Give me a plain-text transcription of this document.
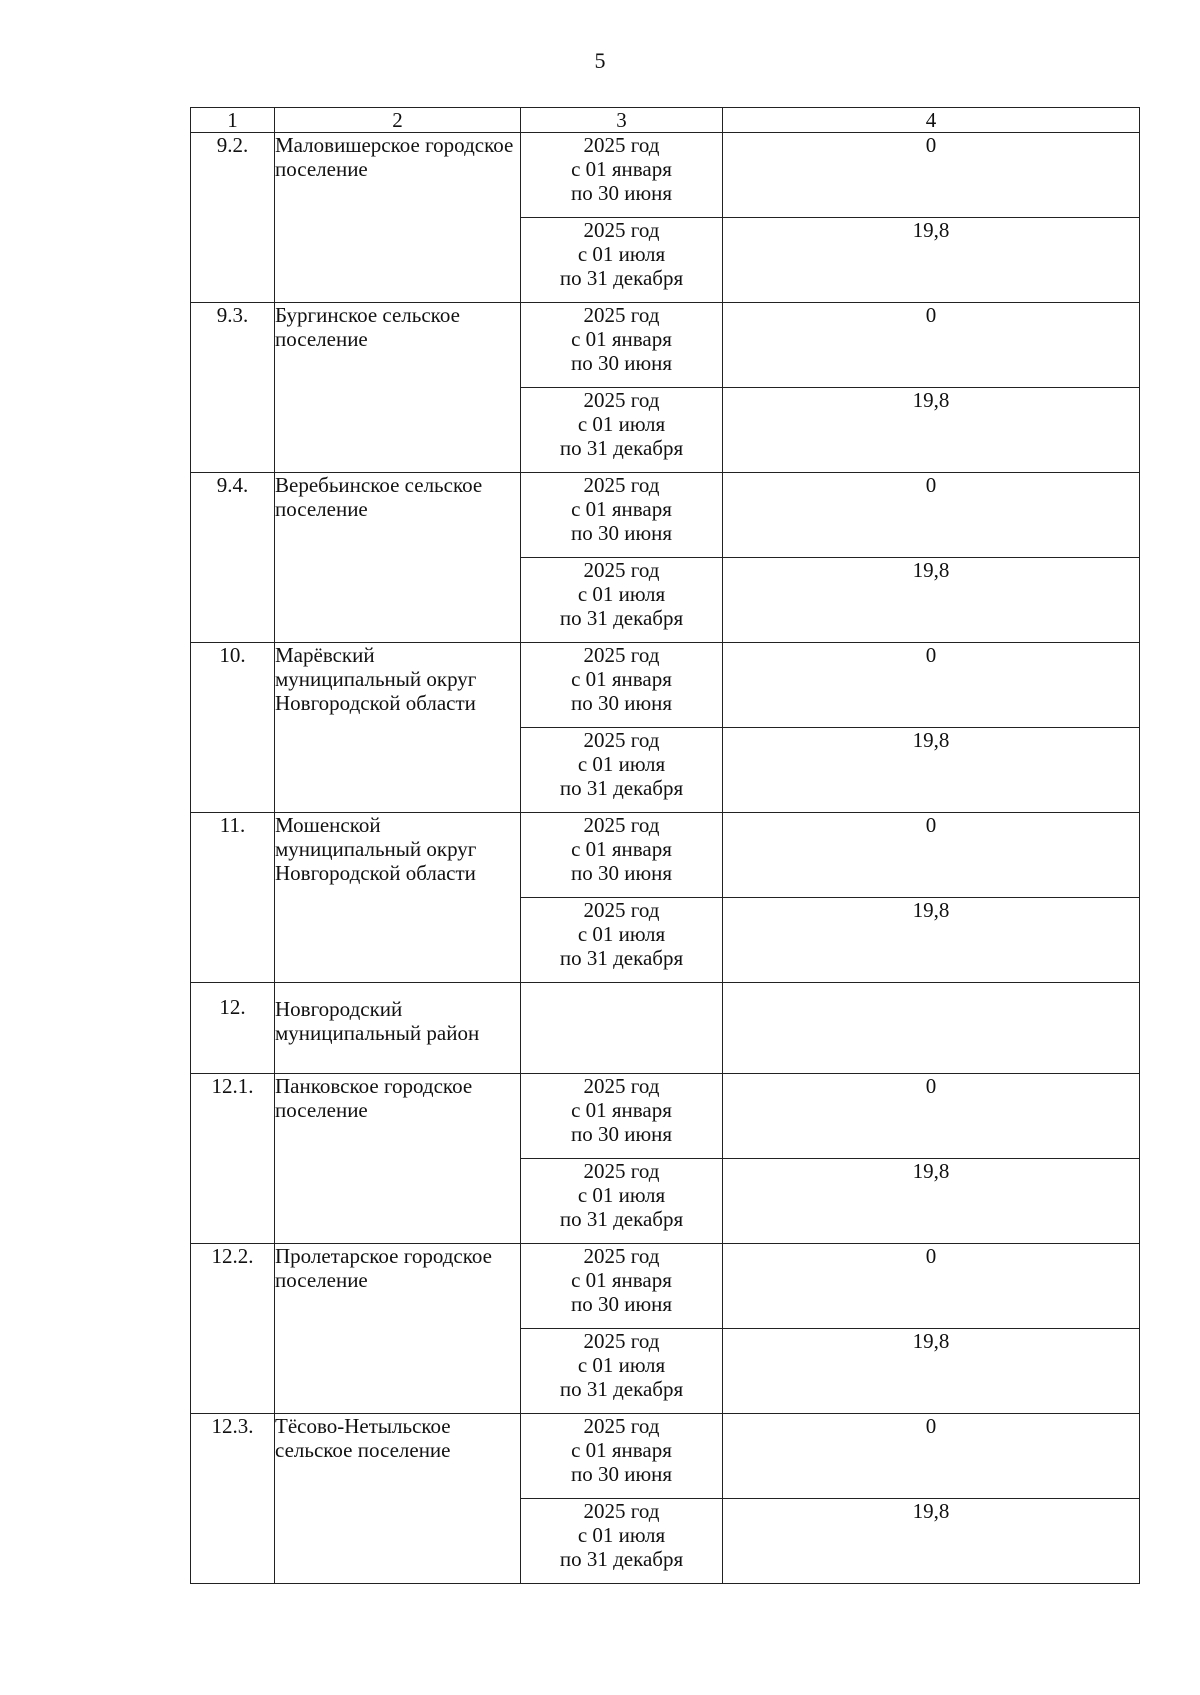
5
1	2	3	4
9.2.	Маловишерское городское поселение	2025 год
с 01 января
по 30 июня	0

		2025 год
с 01 июля
по 31 декабря	19,8
9.3.	Бургинское сельское поселение	2025 год
с 01 января
по 30 июня	0

		2025 год
с 01 июля
по 31 декабря	19,8
9.4.	Веребьинское сельское поселение	2025 год
с 01 января
по 30 июня	0

		2025 год
с 01 июля
по 31 декабря	19,8
10.	Марёвский муниципальный округ Новгородской области	2025 год
с 01 января
по 30 июня	0

		2025 год
с 01 июля
по 31 декабря	19,8
11.	Мошенской муниципальный округ Новгородской области	2025 год
с 01 января
по 30 июня	0

		2025 год
с 01 июля
по 31 декабря	19,8
12.	Новгородский муниципальный район		
12.1.	Панковское городское поселение	2025 год
с 01 января
по 30 июня	0

		2025 год
с 01 июля
по 31 декабря	19,8
12.2.	Пролетарское городское поселение	2025 год
с 01 января
по 30 июня	0

		2025 год
с 01 июля
по 31 декабря	19,8
12.3.	Тёсово-Нетыльское сельское поселение	2025 год
с 01 января
по 30 июня	0

		2025 год
с 01 июля
по 31 декабря	19,8
